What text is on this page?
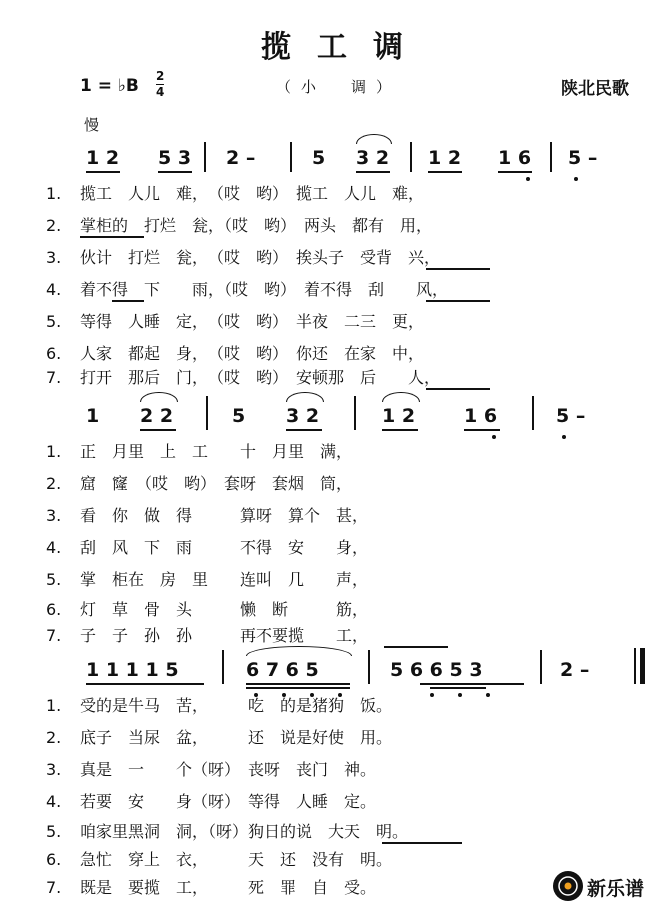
揽工调
1 = ♭B 2
4	（小　调）	陕北民歌
慢
1 2 5 3 2 –	5 3 2 1 2 1 6 5 –
1. 揽工　人儿　难，　（哎　哟）　揽工　人儿　难，
2. 掌柜的　打烂　瓮，（哎　哟）　两头　都有　用，
3. 伙计　打烂　瓮，　（哎　哟）　挨头子　受背　兴，
4. 着不得　下　　雨，（哎　哟）　着不得　刮　　风，
5. 等得　人睡　定，　（哎　哟）　半夜　二三　更，
6. 人家　都起　身，　（哎　哟）　你还　在家　中，
7. 打开　那后　门，　（哎　哟）　安顿那　后　　人，
1 2 2	5 3 2	1 2	1 6	5 –
1. 正　月里　上　工　　十　月里　满，
2. 窟　窿　（哎　哟）　套呀　套烟　筒，
3. 看　你　做　得　　　算呀　算个　甚，
4. 刮　风　下　雨　　　不得　安　　身，
5. 掌　柜在　房　里　　连叫　几　　声，
6. 灯　草　骨　头　　　懒　断　　　筋，
7. 子　子　孙　孙　　　再不要揽　　工，
1 1 1 1 5	6 7 6 5	5 6 6 5 3	2 –
1. 受的是牛马　苦，　　　吃　的是猪狗　饭。
2. 底子　当尿　盆，　　　还　说是好使　用。
3. 真是　一　　个（呀）　丧呀　丧门　神。
4. 若要　安　　身（呀）　等得　人睡　定。
5. 咱家里黑洞　洞，（呀）狗日的说　大天　明。
6. 急忙　穿上　衣，　　　天　还　没有　明。
7. 既是　要揽　工，　　　死　罪　自　受。	新乐谱
